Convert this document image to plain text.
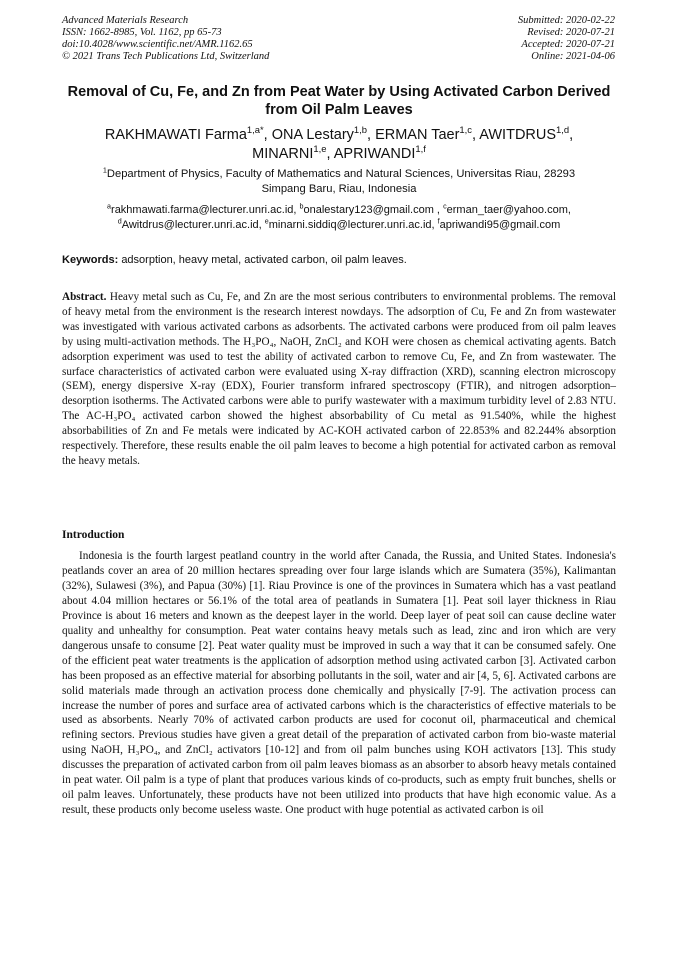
Advanced Materials Research
ISSN: 1662-8985, Vol. 1162, pp 65-73
doi:10.4028/www.scientific.net/AMR.1162.65
© 2021 Trans Tech Publications Ltd, Switzerland
Submitted: 2020-02-22
Revised: 2020-07-21
Accepted: 2020-07-21
Online: 2021-04-06
Removal of Cu, Fe, and Zn from Peat Water by Using Activated Carbon Derived from Oil Palm Leaves
RAKHMAWATI Farma$^{1,a*}$, ONA Lestary$^{1,b}$, ERMAN Taer$^{1,c}$, AWITDRUS$^{1,d}$,
MINARNI$^{1,e}$, APRIWANDI$^{1,f}$
$^1$Department of Physics, Faculty of Mathematics and Natural Sciences, Universitas Riau, 28293
Simpang Baru, Riau, Indonesia
$^a$rakhmawati.farma@lecturer.unri.ac.id, $^b$onalestary123@gmail.com , $^c$erman_taer@yahoo.com,
$^d$Awitdrus@lecturer.unri.ac.id, $^e$minarni.siddiq@lecturer.unri.ac.id, $^f$apriwandi95@gmail.com
Keywords: adsorption, heavy metal, activated carbon, oil palm leaves.
Abstract. Heavy metal such as Cu, Fe, and Zn are the most serious contributers to environmental problems. The removal of heavy metal from the environment is the research interest nowdays. The adsorption of Cu, Fe and Zn from wastewater was investigated with various activated carbons as adsorbents. The activated carbons were produced from oil palm leaves by using multi-activation methods. The H₃PO₄, NaOH, ZnCl₂ and KOH were chosen as chemical activating agents. Batch adsorption experiment was used to test the ability of activated carbon to remove Cu, Fe, and Zn from wastewater. The surface characteristics of activated carbon were evaluated using X-ray diffraction (XRD), scanning electron microscopy (SEM), energy dispersive X-ray (EDX), Fourier transform infrared spectroscopy (FTIR), and nitrogen adsorption–desorption isotherms. The Activated carbons were able to purify wastewater with a maximum turbidity level of 2.83 NTU. The AC-H₃PO₄ activated carbon showed the highest absorbability of Cu metal as 91.540%, while the highest absorbabilities of Zn and Fe metals were indicated by AC-KOH activated carbon of 22.853% and 82.244% absorption respectively. Therefore, these results enable the oil palm leaves to become a high potential for activated carbon as removal the heavy metals.
Introduction
Indonesia is the fourth largest peatland country in the world after Canada, the Russia, and United States. Indonesia's peatlands cover an area of 20 million hectares spreading over four large islands which are Sumatera (35%), Kalimantan (32%), Sulawesi (3%), and Papua (30%) [1]. Riau Province is one of the provinces in Sumatera which has a vast peatland about 4.04 million hectares or 56.1% of the total area of peatlands in Sumatera [1]. Peat soil layer thickness in Riau Province is about 16 meters and known as the deepest layer in the world. Deep layer of peat soil can cause decline water quality and unhealthy for consumption. Peat water contains heavy metals such as lead, zinc and iron which are very dangerous unsafe to consume [2]. Peat water quality must be improved in such a way that it can be consumed safely. One of the efficient peat water treatments is the application of adsorption method using activated carbon [3]. Activated carbon has been proposed as an effective material for absorbing pollutants in the soil, water and air [4, 5, 6]. Activated carbons are solid materials made through an activation process done chemically and physically [7-9]. The activation process can increase the number of pores and surface area of activated carbons which is the characteristics of effective materials to be used as absorbents. Nearly 70% of activated carbon products are used for coconut oil, pharmaceutical and chemical refining sectors. Previous studies have given a great detail of the preparation of activated carbon from bio-waste material using NaOH, H₃PO₄, and ZnCl₂ activators [10-12] and from oil palm bunches using KOH activators [13]. This study discusses the preparation of activated carbon from oil palm leaves biomass as an absorber to absorb heavy metals contained in peat water. Oil palm is a type of plant that produces various kinds of co-products, such as empty fruit bunches, shells or oil palm leaves. Unfortunately, these products have not been utilized into products that have high economic value. As a result, these products only become useless waste. One product with huge potential as activated carbon is oil
